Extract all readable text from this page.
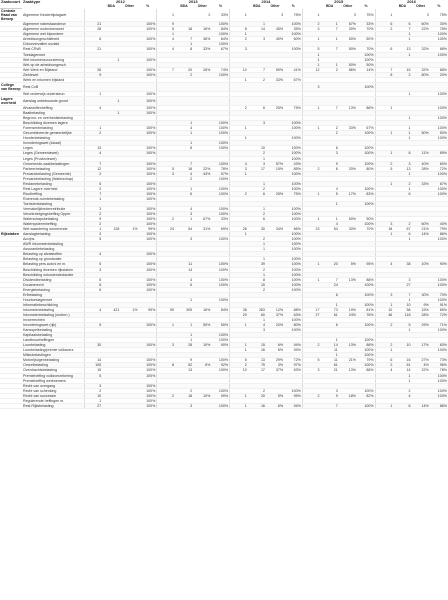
Zaakcoort	Zaaktype	2012				2013				2014				2015				2016			
			BDA	Other	%		BDA	Other	%		BDA	Other	%		BDA	Other	%		BDA	Other	%
Centrale Raad van Beroep	Algemene Kinderbijslagwet					1		2	33%	1		3	75%	1		3	75%	1		3	75%
	Algemene nabestaandenw	21			100%	9			100%		1		100%	2	1	67%	33%	6	6	60%	30%
	Algemene ouderdomswet	28			100%	5	18	16%	84%	8	14	45%	35%	3	7	30%	70%	2	7	22%	78%
	Algemene wet bijzondere					1			100%	1			100%						1		100%
	Arbeidsongeschiktheid	6			100%	4	7	36%	64%	2	3	40%	60%	1	1	50%	50%		1		100%
	Ddoorvervallen sociale						1		100%												
	Rest CRvB	21			100%	4	8	33%	67%	3			100%	5	7	50%	70%	6	13	32%	68%
	Toeslagenwet													1			100%		1		100%
	Wet inkomensvoorziening		1		100%									1			100%				
	Wet op de arbeidsongesch													1	1	50%	50%				
	Wet Werk en Bijstand	26			100%	7	20	26%	74%	10	7	59%	41%	12	2	86%	14%	7	15	32%	68%
	Ziektewet	9			100%		2		100%									8	2	80%	20%
	Werk en inkomen bijstand									1	2	33%	67%								
College van Beroep	Rest CvB													3			100%				
	Wet onderwijs ondersteun	1			100%														1		100%
Lagere overheid	Aanslag onbebouwde grond		1		100%																
	Afvalstoffenheffing	4			100%					2	6	25%	75%	1	7	13%	88%	1			100%
	Baatbelasting		1		100%																
	Begroot- en overheidsbelasting																		1		100%
	Beschikking diversen lagere						1		100%		3		100%								
	Forensenbelasting	1			100%		4		100%	1			100%	1	2	33%	67%		1		100%
	Gecombineerde gemeentelijke	2			100%		1		100%						2		100%	1	1	50%	50%
	Hondenbelasting									1			100%						1		100%
	Invorderingswet (lokaal)						1		100%												
	Leges	13			100%		8		100%		10		100%		6		100%				
	Leges (Gemeentewet)	4			100%						2		100%		3		100%	1	8	11%	89%
	Leges (Provinciewet)										1		100%								
	Onroerende-zaakbelastingen	7			100%		7		100%	4	3	57%	43%		9		100%	2	3	40%	60%
	Parkeerbelasting	12			100%	5	18	22%	78%	3	17	15%	85%	2	8	20%	80%	5	13	28%	72%
	Precariobelasting (Gemeente)	2			100%	3	4	43%	57%	1			100%						1		100%
	Precariobelasting (Waterschap)						2		100%												
	Reclamebelasting	5			100%						1		100%					1	2	33%	67%
	Rest Lagere overheid	2			100%		1		100%		2		100%		4		100%		1		100%
	Rioolheffing	7			100%		6		100%	2	6	25%	75%	1	5	17%	83%		6		100%
	Roerende-ruimtebelasting	1			100%																
	Toeristenbelasting														1		100%				
	Vermakelijkhedenretributie	3			100%		4		100%		1		100%								
	Verontreinigingsheffing Opper	2			100%		3		100%		2		100%								
	Waterschapsbelasting	9			100%	2	1	67%	33%		6		100%	1	1	50%	50%				
	Watersysteemheffing	2			100%										4		100%	3	2	60%	40%
	Wet waardering onroerende	1	128	1%	99%	24	54	31%	69%	26	30	34%	66%	23	54	30%	70%	18	67	21%	79%
Rijkstaken	Aanslagbelasting	3			100%					1			100%					1	6	14%	86%
	Accijns	5			100%		3		100%		2		100%						1		100%
	AWR inkomstenbelasting										1		100%								
	Assurantiebelasting										1		100%								
	Belasting op afvalstoffen	4			100%																
	Belasting op grondwater										1		100%								
	Belasting pers.auto's en m.	5			100%		11		100%		39		100%	1	20	5%	95%	4	38	10%	90%
	Beschikking diversen rijkstaken	3			100%		14		100%		2		100%								
	Beschikking onkostendeclaratie										1		100%								
	Dividendbelasting	5			100%		4		100%		8		100%	1	7	13%	88%		3		100%
	Douanerecht	6			100%		6		100%		15		100%		24		100%		27		100%
	Energiebelasting	6			100%						2		100%								
	Erfbelasting														6		100%	3	7	30%	70%
	Huurtoeslagenwet						1		100%										1		100%
	Informatiebeschikking														1		100%	1	10	9%	91%
	Inkomstenbelasting	4	421	1%	99%	59	305	16%	84%	38	283	12%	88%	17	73	19%	81%	10	58	15%	85%
	Inkomstenbelasting (ondern.)									29	60	37%	63%	27	61	24%	76%	46	118	28%	72%
	Invoerrechten										1		100%								
	Invorderingswet (rijk)	5			100%	1	1	50%	50%	1	4	20%	80%		6		100%	2	5	29%	71%
	Kansspelbelasting										3		100%						1		100%
	Kapitaalsbelasting						1		100%												
	Landbouwheffingen						1		100%						1		100%				
	Loonbelasting	30			100%	3	28	10%	90%	1	15	6%	94%	2	14	13%	88%	2	10	17%	83%
	Loonbelasting/premie volksverz.									1	16	6%	94%		11		100%	1			100%
	Milieubelastingen														1		100%				
	Motorrijtuigenbelasting	14			100%		9		100%	5	13	29%	72%	5	11	21%	79%	6	16	27%	73%
	Omzetbelasting	105			100%	8	52	6%	92%	2	75	3%	97%		61		100%	2	61	4%	96%
	Overdrachtsbelasting	15			100%		13		100%	10	17	37%	63%	3	21	13%	88%	4	14	22%	78%
	Premieheffing volksverzekering	5			100%														1		100%
	Premieheffing werknemers																		1		100%
	Recht van overgang	3			100%																
	Recht van schenking	2			100%		2		100%		2		100%		3		100%		2		100%
	Recht van successie	10			100%	2	18	10%	90%	1	20	5%	95%	2	9	18%	82%		4		100%
	Regulerende heffingen m.	1			100%																
	Rest Rijksbelasting	27			100%		3		100%	1	16	6%	94%		7		100%	1	6	14%	86%
